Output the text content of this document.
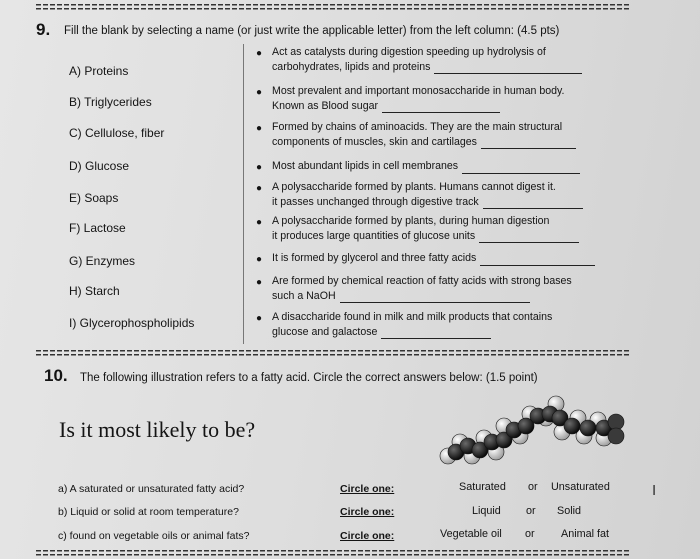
9. Fill the blank by selecting a name (or just write the applicable letter) from the left column: (4.5 pts)
A) Proteins
B) Triglycerides
C) Cellulose, fiber
D) Glucose
E) Soaps
F) Lactose
G) Enzymes
H) Starch
I) Glycerophospholipids
● Act as catalysts during digestion speeding up hydrolysis of
carbohydrates, lipids and proteins
● Most prevalent and important monosaccharide in human body.
Known as Blood sugar
● Formed by chains of aminoacids. They are the main structural
components of muscles, skin and cartilages
● Most abundant lipids in cell membranes
● A polysaccharide formed by plants. Humans cannot digest it.
it passes unchanged through digestive track
● A polysaccharide formed by plants, during human digestion
it produces large quantities of glucose units
● It is formed by glycerol and three fatty acids
● Are formed by chemical reaction of fatty acids with strong bases
such a NaOH
● A disaccharide found in milk and milk products that contains
glucose and galactose
10. The following illustration refers to a fatty acid. Circle the correct answers below: (1.5 point)
Is it most likely to be?
a) A saturated or unsaturated fatty acid?	Circle one:	Saturated or Unsaturated
b) Liquid or solid at room temperature?	Circle one:	Liquid or Solid
c) found on vegetable oils or animal fats?	Circle one:	Vegetable oil or Animal fat
I
